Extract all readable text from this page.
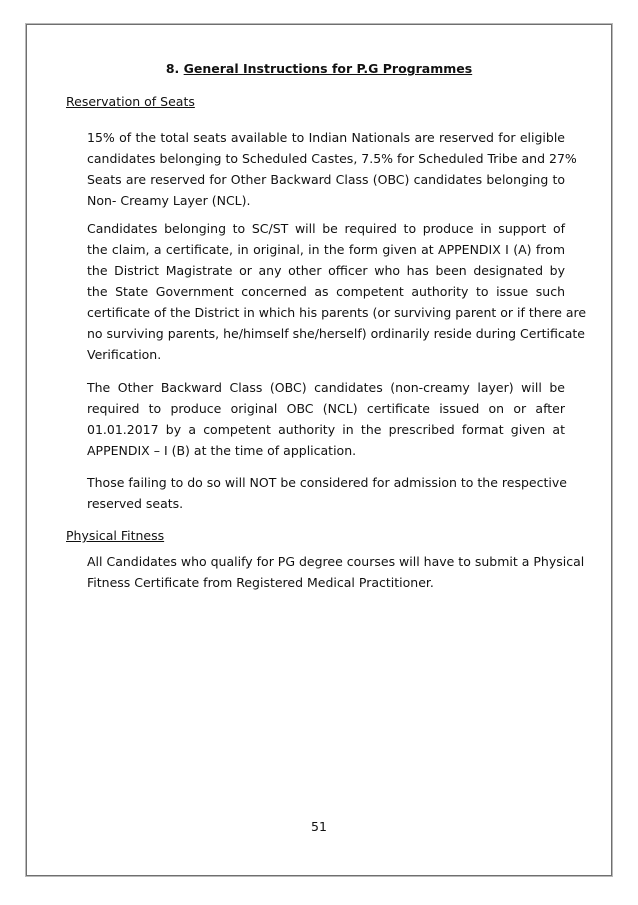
8. General Instructions for P.G Programmes
Reservation of Seats
15% of the total seats available to Indian Nationals are reserved for eligible
candidates belonging to Scheduled Castes, 7.5% for Scheduled Tribe and 27%
Seats are reserved for Other Backward Class (OBC) candidates belonging to
Non- Creamy Layer (NCL).
Candidates belonging to SC/ST will be required to produce in support of
the claim, a certificate, in original, in the form given at APPENDIX I (A) from
the District Magistrate or any other officer who has been designated by
the State Government concerned as competent authority to issue such
certificate of the District in which his parents (or surviving parent or if there are
no surviving parents, he/himself she/herself) ordinarily reside during Certificate
Verification.
The Other Backward Class (OBC) candidates (non-creamy layer) will be
required to produce original OBC (NCL) certificate issued on or after
01.01.2017 by a competent authority in the prescribed format given at
APPENDIX – I (B) at the time of application.
Those failing to do so will NOT be considered for admission to the respective
reserved seats.
Physical Fitness
All Candidates who qualify for PG degree courses will have to submit a Physical
Fitness Certificate from Registered Medical Practitioner.
51
